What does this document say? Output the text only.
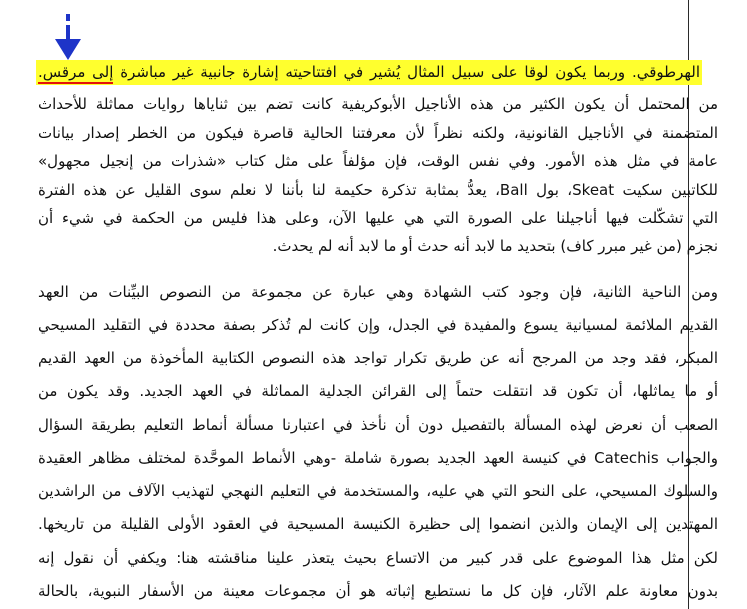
الهرطوقي. وربما يكون لوقا على سبيل المثال يُشير في افتتاحيته إشارة جانبية غير مباشرة إلى مرقس.
من المحتمل أن يكون الكثير من هذه الأناجيل الأبوكريفية كانت تضم بين ثناياها روايات مماثلة للأحداث
المتضمنة في الأناجيل القانونية، ولكنه نظراً لأن معرفتنا الحالية قاصرة فيكون من الخطر إصدار بيانات
عامة في مثل هذه الأمور. وفي نفس الوقت، فإن مؤلفاً على مثل كتاب «شذرات من إنجيل مجهول»
للكاتبين سكيت Skeat، بول Ball، يعدُّ بمثابة تذكرة حكيمة لنا بأننا لا نعلم سوى القليل عن هذه الفترة
التي تشكّلت فيها أناجيلنا على الصورة التي هي عليها الآن، وعلى هذا فليس من الحكمة في شيء أن
نجزم (من غير مبرر كاف) بتحديد ما لابد أنه حدث أو ما لابد أنه لم يحدث.
ومن الناحية الثانية، فإن وجود كتب الشهادة وهي عبارة عن مجموعة من النصوص البيِّنات من العهد
القديم الملائمة لمسيانية يسوع والمفيدة في الجدل، وإن كانت لم تُذكر بصفة محددة في التقليد المسيحي
المبكر، فقد وجد من المرجح أنه عن طريق تكرار تواجد هذه النصوص الكتابية المأخوذة من العهد القديم
أو ما يماثلها، أن تكون قد انتقلت حتماً إلى القرائن الجدلية المماثلة في العهد الجديد. وقد يكون من
الصعب أن نعرض لهذه المسألة بالتفصيل دون أن نأخذ في اعتبارنا مسألة أنماط التعليم بطريقة السؤال
والجواب Catechis في كنيسة العهد الجديد بصورة شاملة -وهي الأنماط الموحَّدة لمختلف مظاهر العقيدة
والسلوك المسيحي، على النحو التي هي عليه، والمستخدمة في التعليم النهجي لتهذيب الآلاف من الراشدين
المهتدين إلى الإيمان والذين انضموا إلى حظيرة الكنيسة المسيحية في العقود الأولى القليلة من تاريخها.
لكن مثل هذا الموضوع على قدر كبير من الاتساع بحيث يتعذر علينا مناقشته هنا: ويكفي أن نقول إنه
بدون معاونة علم الآثار، فإن كل ما نستطيع إثباته هو أن مجموعات معينة من الأسفار النبوية، بالحالة
